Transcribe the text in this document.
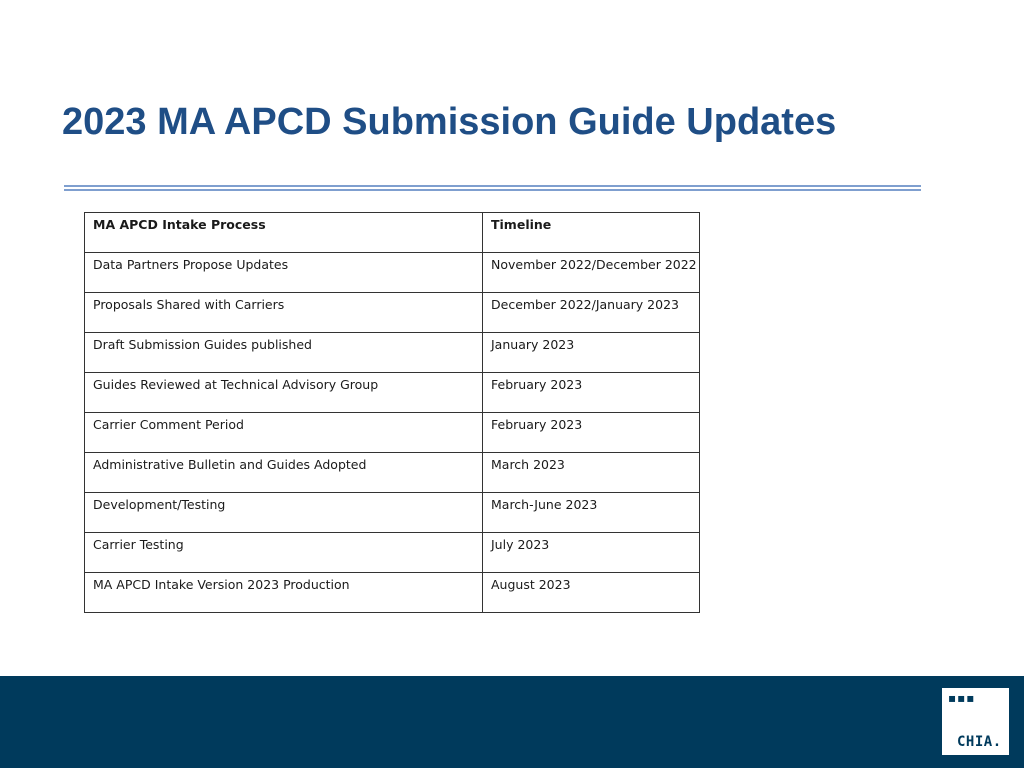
2023 MA APCD Submission Guide Updates
MA APCD Intake Process	Timeline
Data Partners Propose Updates	November 2022/December 2022
Proposals Shared with Carriers	December 2022/January 2023
Draft Submission Guides published	January 2023
Guides Reviewed at Technical Advisory Group	February 2023
Carrier Comment Period	February 2023
Administrative Bulletin and Guides Adopted	March 2023
Development/Testing	March-June 2023
Carrier Testing	July 2023
MA APCD Intake Version 2023 Production	August 2023
▪▪▪
CHIA.
